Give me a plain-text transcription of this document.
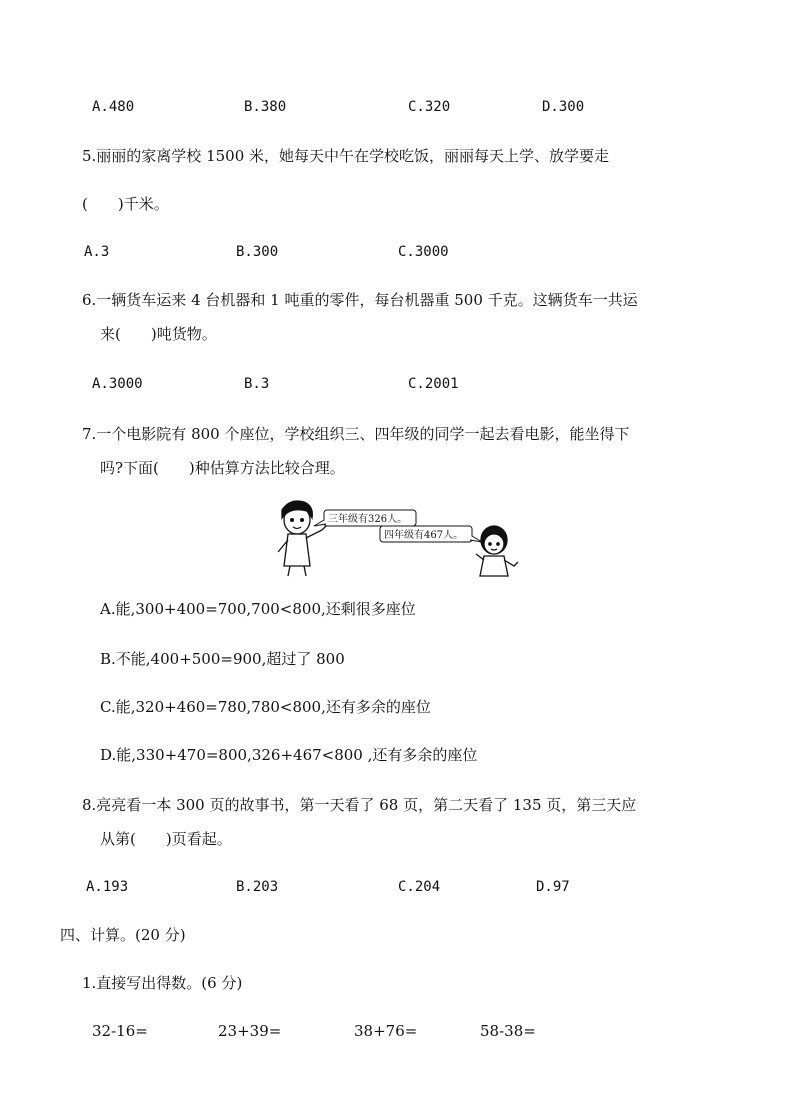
A.480	B.380	C.320	D.300
5.丽丽的家离学校 1500 米，她每天中午在学校吃饭，丽丽每天上学、放学要走
(　　)千米。
A.3	B.300	C.3000
6.一辆货车运来 4 台机器和 1 吨重的零件，每台机器重 500 千克。这辆货车一共运
来(　　)吨货物。
A.3000	B.3	C.2001
7.一个电影院有 800 个座位，学校组织三、四年级的同学一起去看电影，能坐得下
吗?下面(　　)种估算方法比较合理。
三年级有326人。
四年级有467人。
A.能,300+400=700,700<800,还剩很多座位
B.不能,400+500=900,超过了 800
C.能,320+460=780,780<800,还有多余的座位
D.能,330+470=800,326+467<800 ,还有多余的座位
8.亮亮看一本 300 页的故事书，第一天看了 68 页，第二天看了 135 页，第三天应
从第(　　)页看起。
A.193	B.203	C.204	D.97
四、计算。(20 分)
1.直接写出得数。(6 分)
32-16=	23+39=	38+76=	58-38=
